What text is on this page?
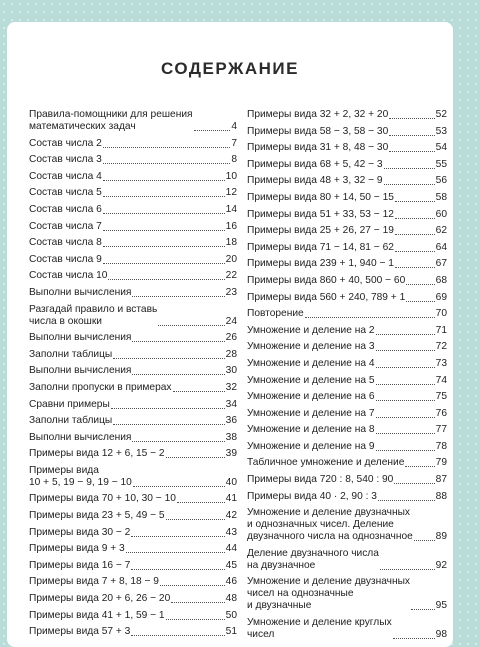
СОДЕРЖАНИЕ
Правила-помощники для решения
математических задач	4
Состав числа 2	7
Состав числа 3	8
Состав числа 4	10
Состав числа 5	12
Состав числа 6	14
Состав числа 7	16
Состав числа 8	18
Состав числа 9	20
Состав числа 10	22
Выполни вычисления	23
Разгадай правило и вставь
числа в окошки	24
Выполни вычисления	26
Заполни таблицы	28
Выполни вычисления	30
Заполни пропуски в примерах	32
Сравни примеры	34
Заполни таблицы	36
Выполни вычисления	38
Примеры вида 12 + 6, 15 − 2	39
Примеры вида
10 + 5, 19 − 9, 19 − 10	40
Примеры вида 70 + 10, 30 − 10	41
Примеры вида 23 + 5, 49 − 5	42
Примеры вида 30 − 2	43
Примеры вида 9 + 3	44
Примеры вида 16 − 7	45
Примеры вида 7 + 8, 18 − 9	46
Примеры вида 20 + 6, 26 − 20	48
Примеры вида 41 + 1, 59 − 1	50
Примеры вида 57 + 3	51
Примеры вида 32 + 2, 32 + 20	52
Примеры вида 58 − 3, 58 − 30	53
Примеры вида 31 + 8, 48 − 30	54
Примеры вида 68 + 5, 42 − 3	55
Примеры вида 48 + 3, 32 − 9	56
Примеры вида 80 + 14, 50 − 15	58
Примеры вида 51 + 33, 53 − 12	60
Примеры вида 25 + 26, 27 − 19	62
Примеры вида 71 − 14, 81 − 62	64
Примеры вида 239 + 1, 940 − 1	67
Примеры вида 860 + 40, 500 − 60	68
Примеры вида 560 + 240, 789 + 1	69
Повторение	70
Умножение и деление на 2	71
Умножение и деление на 3	72
Умножение и деление на 4	73
Умножение и деление на 5	74
Умножение и деление на 6	75
Умножение и деление на 7	76
Умножение и деление на 8	77
Умножение и деление на 9	78
Табличное умножение и деление	79
Примеры вида 720 : 8, 540 : 90	87
Примеры вида 40 · 2, 90 : 3	88
Умножение и деление двузначных
и однозначных чисел. Деление
двузначного числа на однозначное 89
Деление двузначного числа
на двузначное	92
Умножение и деление двузначных
чисел на однозначные
и двузначные	95
Умножение и деление круглых
чисел	98
